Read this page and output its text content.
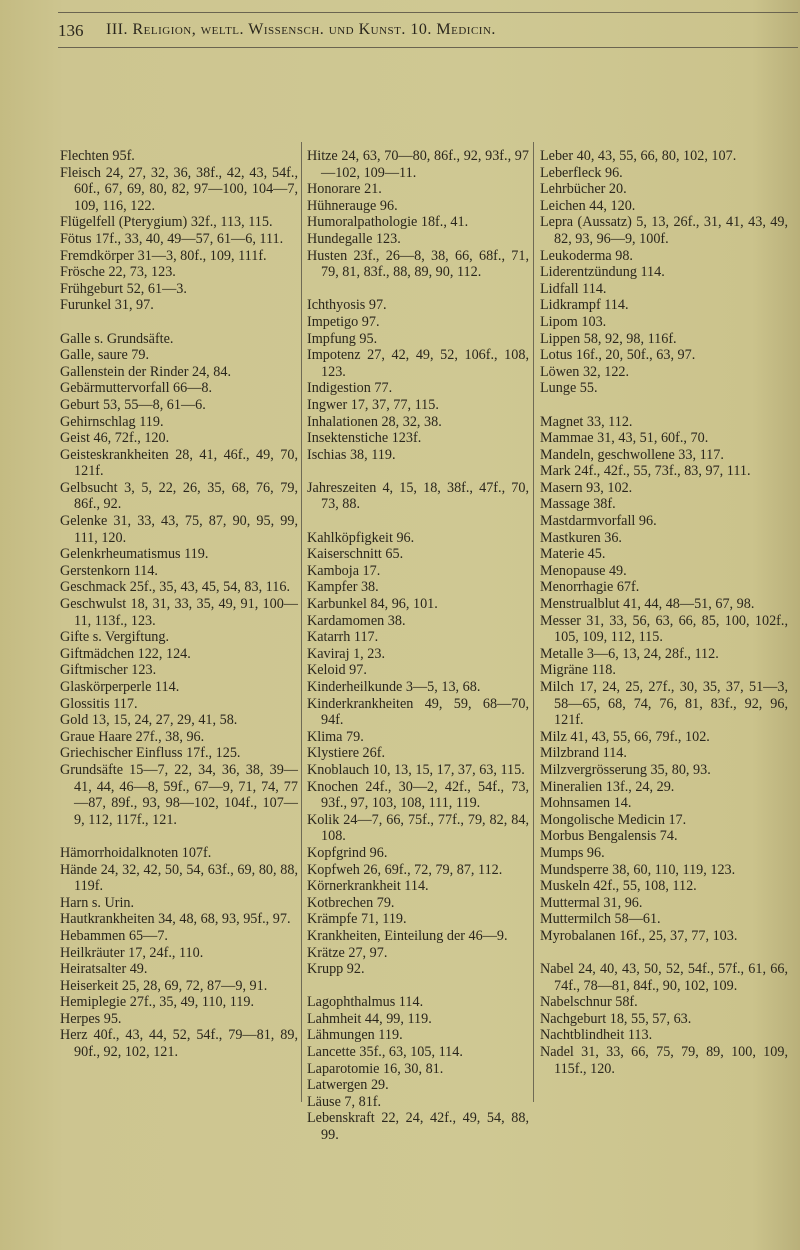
136 III. Religion, weltl. Wissensch. und Kunst. 10. Medicin.
Flechten 95f.
Fleisch 24, 27, 32, 36, 38f., 42, 43, 54f., 60f., 67, 69, 80, 82, 97—100, 104—7, 109, 116, 122.
Flügelfell (Pterygium) 32f., 113, 115.
Fötus 17f., 33, 40, 49—57, 61—6, 111.
Fremdkörper 31—3, 80f., 109, 111f.
Frösche 22, 73, 123.
Frühgeburt 52, 61—3.
Furunkel 31, 97.
Galle s. Grundsäfte.
Galle, saure 79.
Gallenstein der Rinder 24, 84.
Gebärmuttervorfall 66—8.
Geburt 53, 55—8, 61—6.
Gehirnschlag 119.
Geist 46, 72f., 120.
Geisteskrankheiten 28, 41, 46f., 49, 70, 121f.
Gelbsucht 3, 5, 22, 26, 35, 68, 76, 79, 86f., 92.
Gelenke 31, 33, 43, 75, 87, 90, 95, 99, 111, 120.
Gelenkrheumatismus 119.
Gerstenkorn 114.
Geschmack 25f., 35, 43, 45, 54, 83, 116.
Geschwulst 18, 31, 33, 35, 49, 91, 100—11, 113f., 123.
Gifte s. Vergiftung.
Giftmädchen 122, 124.
Giftmischer 123.
Glaskörperperle 114.
Glossitis 117.
Gold 13, 15, 24, 27, 29, 41, 58.
Graue Haare 27f., 38, 96.
Griechischer Einfluss 17f., 125.
Grundsäfte 15—7, 22, 34, 36, 38, 39—41, 44, 46—8, 59f., 67—9, 71, 74, 77—87, 89f., 93, 98—102, 104f., 107—9, 112, 117f., 121.
Hämorrhoidalknoten 107f.
Hände 24, 32, 42, 50, 54, 63f., 69, 80, 88, 119f.
Harn s. Urin.
Hautkrankheiten 34, 48, 68, 93, 95f., 97.
Hebammen 65—7.
Heilkräuter 17, 24f., 110.
Heiratsalter 49.
Heiserkeit 25, 28, 69, 72, 87—9, 91.
Hemiplegie 27f., 35, 49, 110, 119.
Herpes 95.
Herz 40f., 43, 44, 52, 54f., 79—81, 89, 90f., 92, 102, 121.
Hitze 24, 63, 70—80, 86f., 92, 93f., 97—102, 109—11.
Honorare 21.
Hühnerauge 96.
Humoralpathologie 18f., 41.
Hundegalle 123.
Husten 23f., 26—8, 38, 66, 68f., 71, 79, 81, 83f., 88, 89, 90, 112.
Ichthyosis 97.
Impetigo 97.
Impfung 95.
Impotenz 27, 42, 49, 52, 106f., 108, 123.
Indigestion 77.
Ingwer 17, 37, 77, 115.
Inhalationen 28, 32, 38.
Insektenstiche 123f.
Ischias 38, 119.
Jahreszeiten 4, 15, 18, 38f., 47f., 70, 73, 88.
Kahlköpfigkeit 96.
Kaiserschnitt 65.
Kamboja 17.
Kampfer 38.
Karbunkel 84, 96, 101.
Kardamomen 38.
Katarrh 117.
Kaviraj 1, 23.
Keloid 97.
Kinderheilkunde 3—5, 13, 68.
Kinderkrankheiten 49, 59, 68—70, 94f.
Klima 79.
Klystiere 26f.
Knoblauch 10, 13, 15, 17, 37, 63, 115.
Knochen 24f., 30—2, 42f., 54f., 73, 93f., 97, 103, 108, 111, 119.
Kolik 24—7, 66, 75f., 77f., 79, 82, 84, 108.
Kopfgrind 96.
Kopfweh 26, 69f., 72, 79, 87, 112.
Körnerkrankheit 114.
Kotbrechen 79.
Krämpfe 71, 119.
Krankheiten, Einteilung der 46—9.
Krätze 27, 97.
Krupp 92.
Lagophthalmus 114.
Lahmheit 44, 99, 119.
Lähmungen 119.
Lancette 35f., 63, 105, 114.
Laparotomie 16, 30, 81.
Latwergen 29.
Läuse 7, 81f.
Lebenskraft 22, 24, 42f., 49, 54, 88, 99.
Leber 40, 43, 55, 66, 80, 102, 107.
Leberfleck 96.
Lehrbücher 20.
Leichen 44, 120.
Lepra (Aussatz) 5, 13, 26f., 31, 41, 43, 49, 82, 93, 96—9, 100f.
Leukoderma 98.
Liderentzündung 114.
Lidfall 114.
Lidkrampf 114.
Lipom 103.
Lippen 58, 92, 98, 116f.
Lotus 16f., 20, 50f., 63, 97.
Löwen 32, 122.
Lunge 55.
Magnet 33, 112.
Mammae 31, 43, 51, 60f., 70.
Mandeln, geschwollene 33, 117.
Mark 24f., 42f., 55, 73f., 83, 97, 111.
Masern 93, 102.
Massage 38f.
Mastdarmvorfall 96.
Mastkuren 36.
Materie 45.
Menopause 49.
Menorrhagie 67f.
Menstrualblut 41, 44, 48—51, 67, 98.
Messer 31, 33, 56, 63, 66, 85, 100, 102f., 105, 109, 112, 115.
Metalle 3—6, 13, 24, 28f., 112.
Migräne 118.
Milch 17, 24, 25, 27f., 30, 35, 37, 51—3, 58—65, 68, 74, 76, 81, 83f., 92, 96, 121f.
Milz 41, 43, 55, 66, 79f., 102.
Milzbrand 114.
Milzvergrösserung 35, 80, 93.
Mineralien 13f., 24, 29.
Mohnsamen 14.
Mongolische Medicin 17.
Morbus Bengalensis 74.
Mumps 96.
Mundsperre 38, 60, 110, 119, 123.
Muskeln 42f., 55, 108, 112.
Muttermal 31, 96.
Muttermilch 58—61.
Myrobalanen 16f., 25, 37, 77, 103.
Nabel 24, 40, 43, 50, 52, 54f., 57f., 61, 66, 74f., 78—81, 84f., 90, 102, 109.
Nabelschnur 58f.
Nachgeburt 18, 55, 57, 63.
Nachtblindheit 113.
Nadel 31, 33, 66, 75, 79, 89, 100, 109, 115f., 120.
